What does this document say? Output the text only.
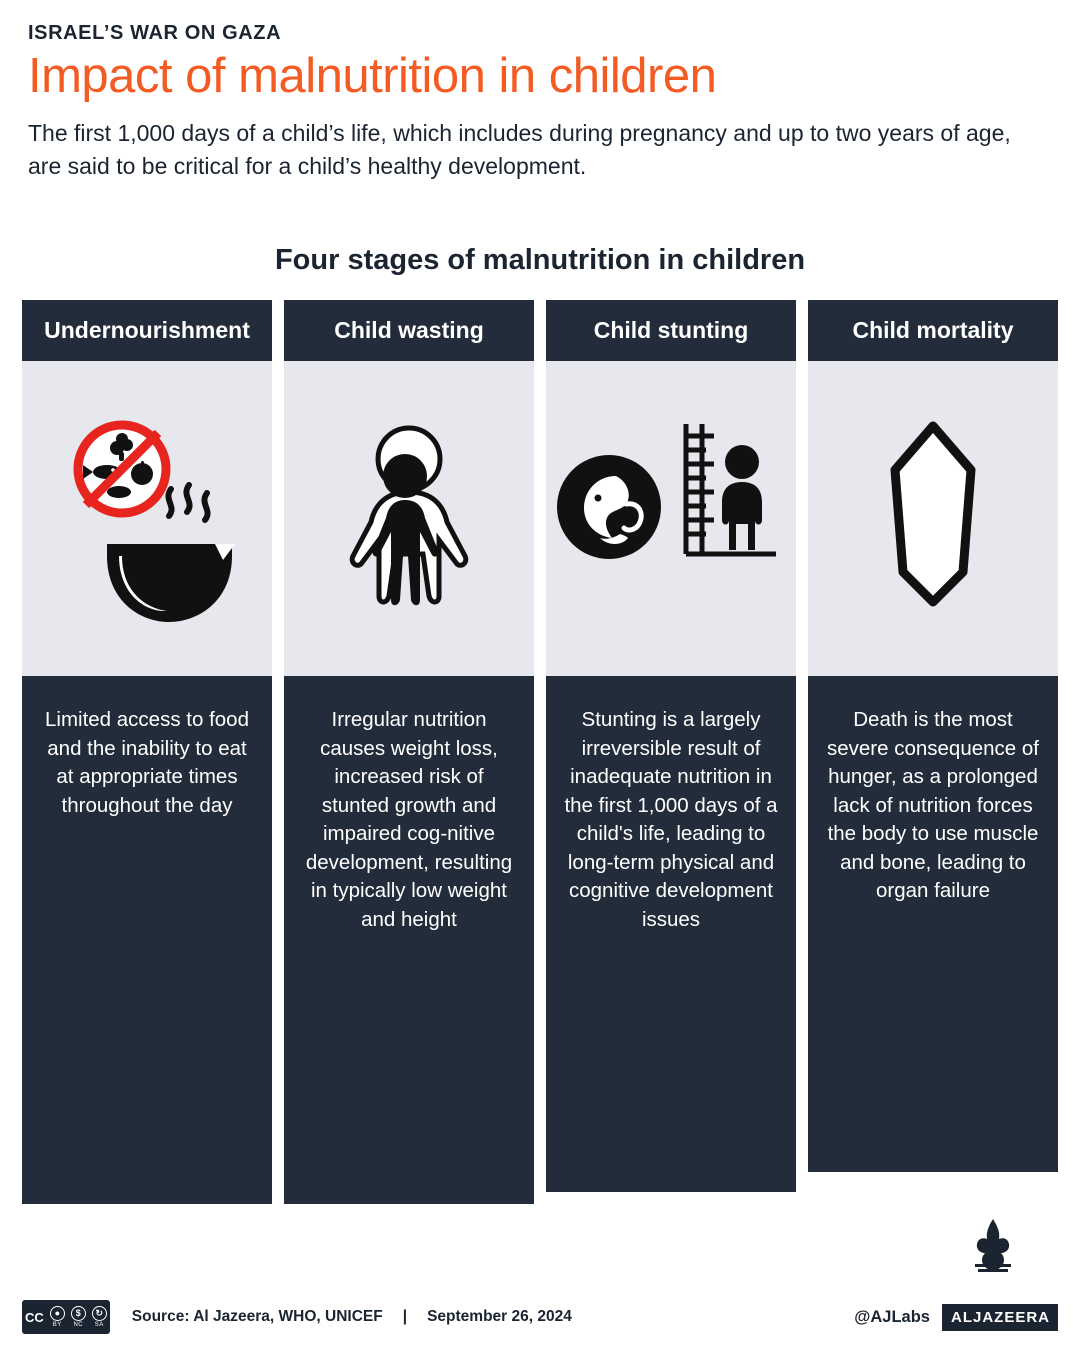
ISRAEL’S WAR ON GAZA
Impact of malnutrition in children

The first 1,000 days of a child’s life, which includes during pregnancy and up to two years of age, are said to be critical for a child’s healthy development.

Four stages of malnutrition in children
Undernourishment
Limited access to food and the inability to eat at appropriate times throughout the day
Child wasting
Irregular nutrition causes weight loss, increased risk of stunted growth and impaired cog-nitive development, resulting in typically low weight and height
Child stunting
Stunting is a largely irreversible result of inadequate nutrition in the first 1,000 days of a child's life, leading to long-term physical and cognitive development issues
Child mortality
Death is the most severe consequence of hunger, as a prolonged lack of nutrition forces the body to use muscle and bone, leading to organ failure
CC	●
BY
$
NC
↻
SA Source: Al Jazeera, WHO, UNICEF | September 26, 2024	@AJLabs	ALJAZEERA
